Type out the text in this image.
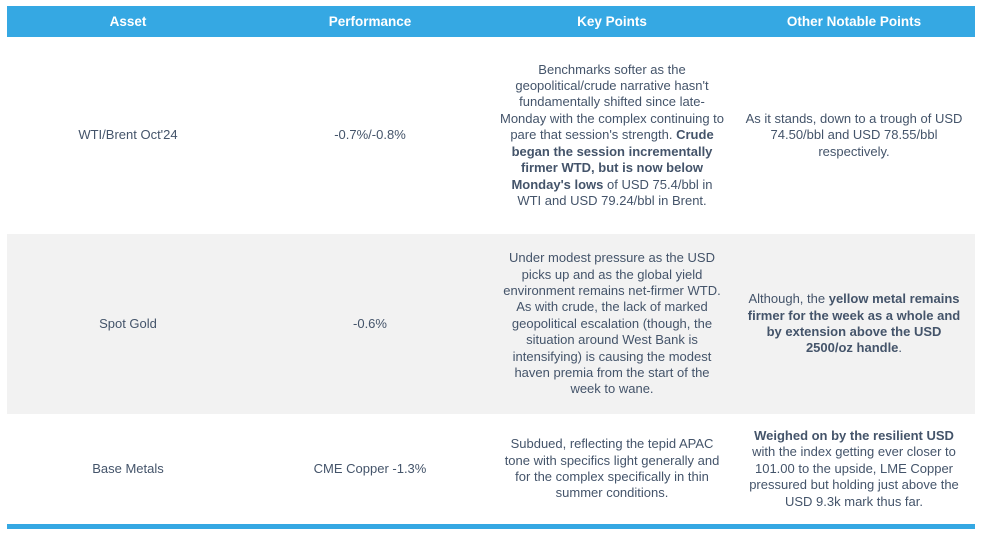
Asset	Performance	Key Points	Other Notable Points
WTI/Brent Oct'24	-0.7%/-0.8%	Benchmarks softer as the geopolitical/crude narrative hasn't fundamentally shifted since late-Monday with the complex continuing to pare that session's strength. Crude began the session incrementally firmer WTD, but is now below Monday's lows of USD 75.4/bbl in WTI and USD 79.24/bbl in Brent.	As it stands, down to a trough of USD 74.50/bbl and USD 78.55/bbl respectively.
Spot Gold	-0.6%	Under modest pressure as the USD picks up and as the global yield environment remains net-firmer WTD. As with crude, the lack of marked geopolitical escalation (though, the situation around West Bank is intensifying) is causing the modest haven premia from the start of the week to wane.	Although, the yellow metal remains firmer for the week as a whole and by extension above the USD 2500/oz handle.
Base Metals	CME Copper -1.3%	Subdued, reflecting the tepid APAC tone with specifics light generally and for the complex specifically in thin summer conditions.	Weighed on by the resilient USD with the index getting ever closer to 101.00 to the upside, LME Copper pressured but holding just above the USD 9.3k mark thus far.
